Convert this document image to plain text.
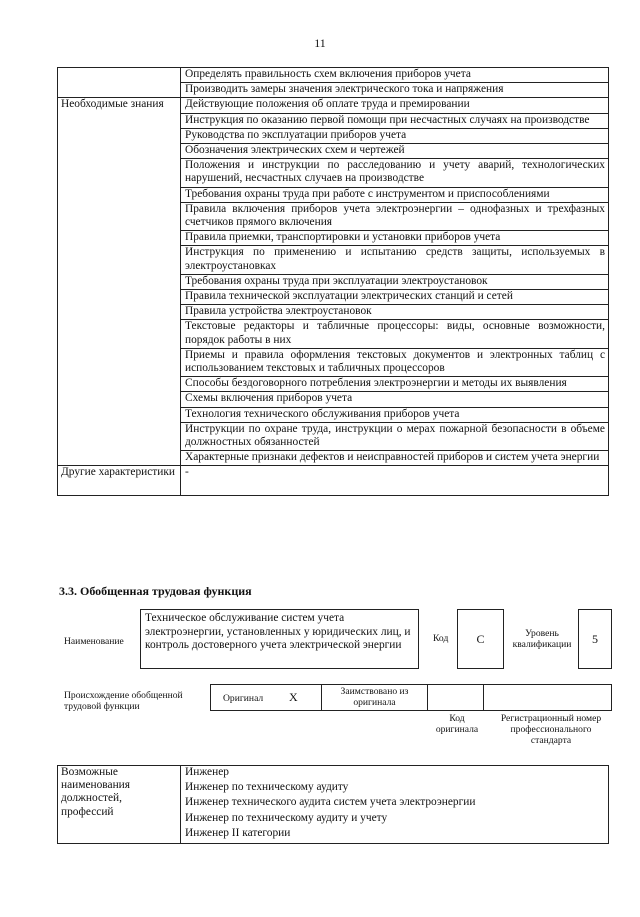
11
	Определять правильность схем включения приборов учета
	Производить замеры значения электрического тока и напряжения
Необходимые знания	Действующие положения об оплате труда и премировании
	Инструкция по оказанию первой помощи при несчастных случаях на производстве
	Руководства по эксплуатации приборов учета
	Обозначения электрических схем и чертежей
	Положения и инструкции по расследованию и учету аварий, технологических нарушений, несчастных случаев на производстве
	Требования охраны труда при работе с инструментом и приспособлениями
	Правила включения приборов учета электроэнергии – однофазных и трехфазных счетчиков прямого включения
	Правила приемки, транспортировки и установки приборов учета
	Инструкция по применению и испытанию средств защиты, используемых в электроустановках
	Требования охраны труда при эксплуатации электроустановок
	Правила технической эксплуатации электрических станций и сетей
	Правила устройства электроустановок
	Текстовые редакторы и табличные процессоры: виды, основные возможности, порядок работы в них
	Приемы и правила оформления текстовых документов и электронных таблиц с использованием текстовых и табличных процессоров
	Способы бездоговорного потребления электроэнергии и методы их выявления
	Схемы включения приборов учета
	Технология технического обслуживания приборов учета
	Инструкции по охране труда, инструкции о мерах пожарной безопасности в объеме должностных обязанностей
	Характерные признаки дефектов и неисправностей приборов и систем учета энергии
Другие характеристики	-
3.3. Обобщенная трудовая функция
Наименование
Техническое обслуживание систем учета электроэнергии, установленных у юридических лиц, и контроль достоверного учета электрической энергии
Код	C	Уровень квалификации	5
Происхождение обобщенной трудовой функции
Оригинал X	Заимствовано из оригинала
Код оригинала
Регистрационный номер профессионального стандарта
Возможные наименования должностей, профессий	Инженер
Инженер по техническому аудиту
Инженер технического аудита систем учета электроэнергии
Инженер по техническому аудиту и учету
Инженер II категории
